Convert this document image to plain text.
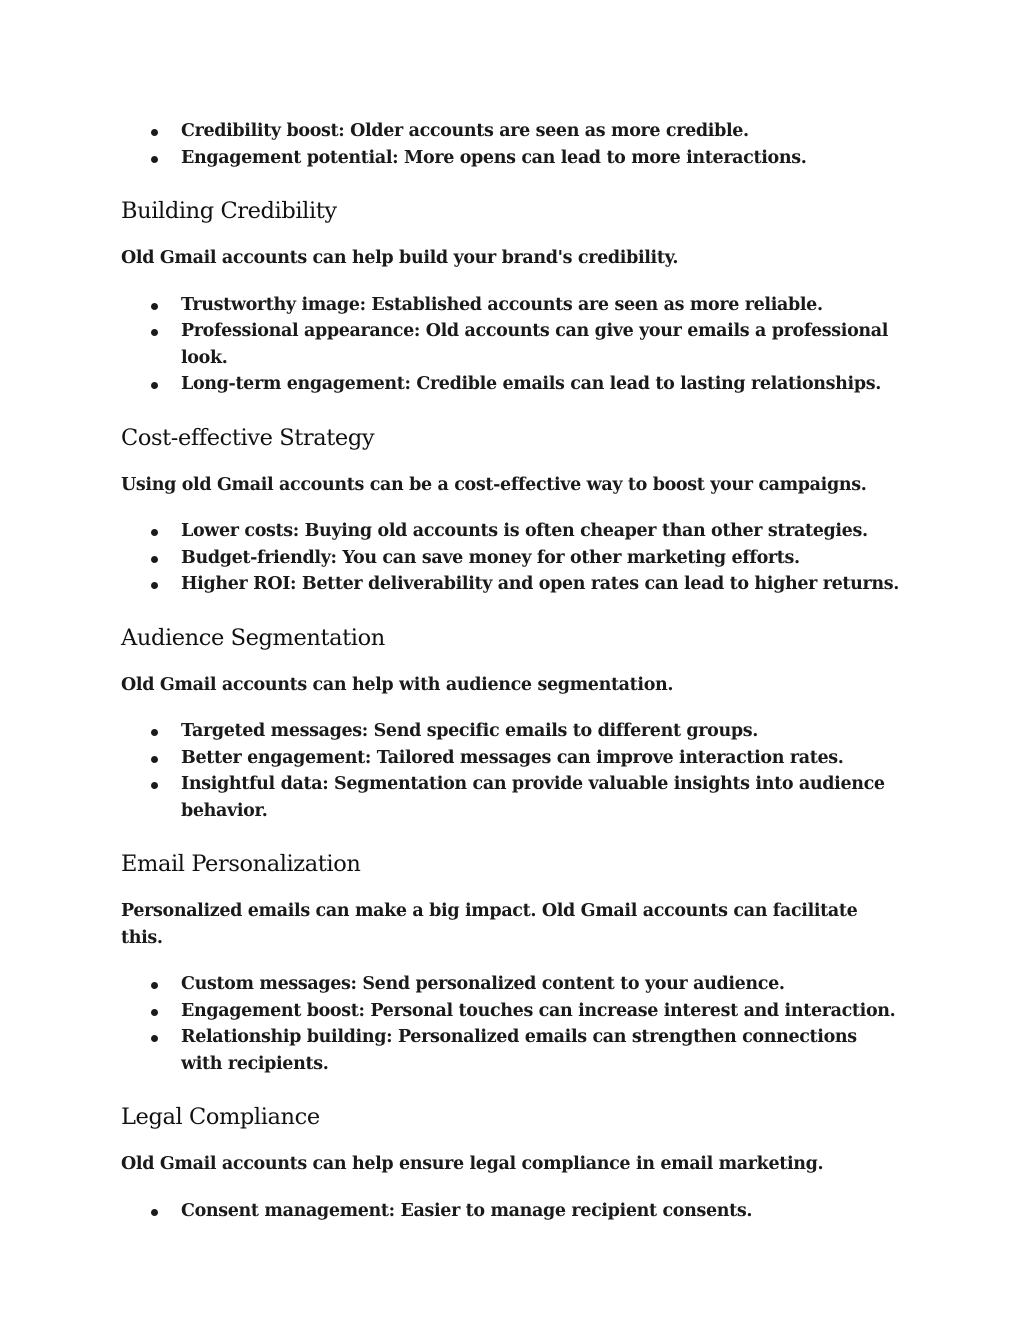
Credibility boost: Older accounts are seen as more credible.
Engagement potential: More opens can lead to more interactions.
Building Credibility

Old Gmail accounts can help build your brand's credibility.

Trustworthy image: Established accounts are seen as more reliable.
Professional appearance: Old accounts can give your emails a professional look.
Long-term engagement: Credible emails can lead to lasting relationships.
Cost-effective Strategy

Using old Gmail accounts can be a cost-effective way to boost your campaigns.

Lower costs: Buying old accounts is often cheaper than other strategies.
Budget-friendly: You can save money for other marketing efforts.
Higher ROI: Better deliverability and open rates can lead to higher returns.
Audience Segmentation

Old Gmail accounts can help with audience segmentation.

Targeted messages: Send specific emails to different groups.
Better engagement: Tailored messages can improve interaction rates.
Insightful data: Segmentation can provide valuable insights into audience behavior.
Email Personalization

Personalized emails can make a big impact. Old Gmail accounts can facilitate this.

Custom messages: Send personalized content to your audience.
Engagement boost: Personal touches can increase interest and interaction.
Relationship building: Personalized emails can strengthen connections with recipients.
Legal Compliance

Old Gmail accounts can help ensure legal compliance in email marketing.

Consent management: Easier to manage recipient consents.
